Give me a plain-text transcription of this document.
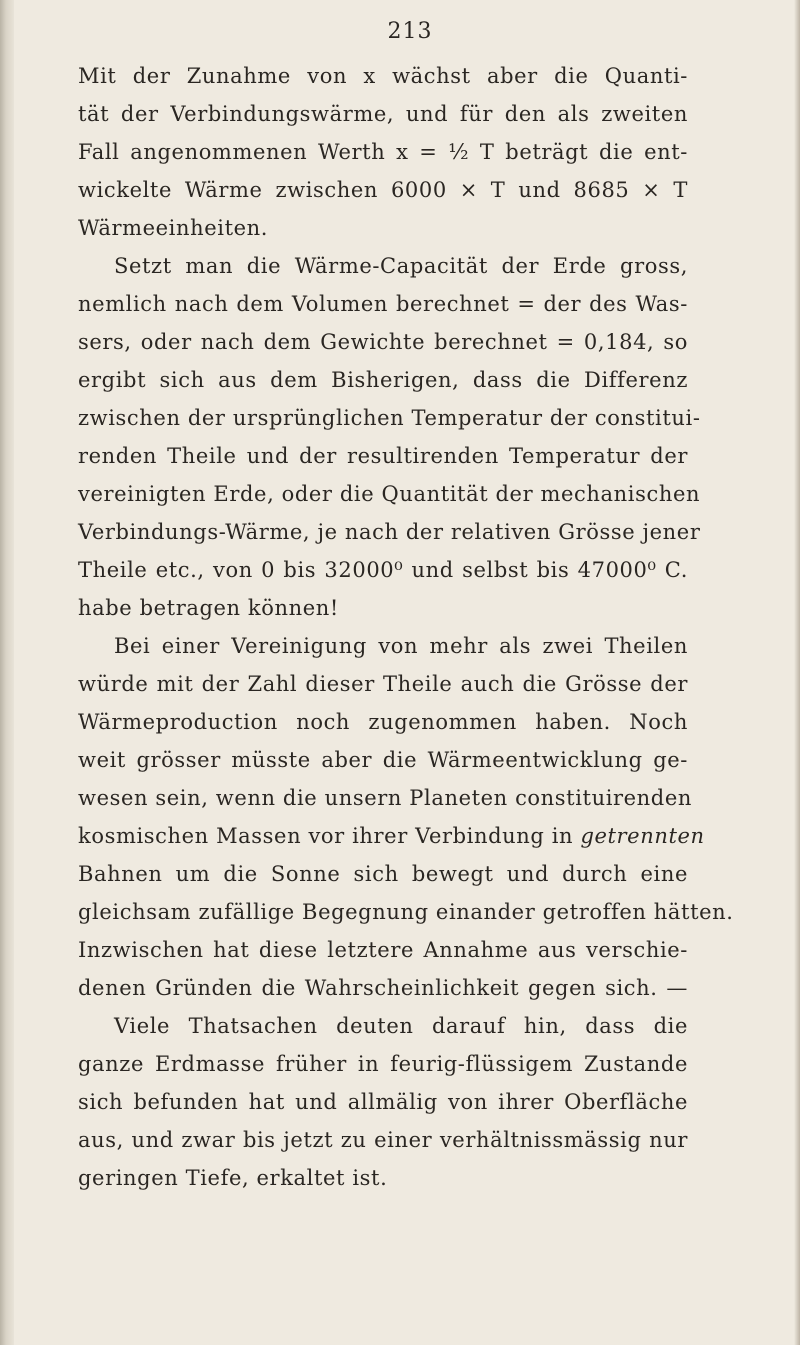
213
Mit der Zunahme von x wächst aber die Quanti-
tät der Verbindungswärme, und für den als zweiten
Fall angenommenen Werth x = ½ T beträgt die ent-
wickelte Wärme zwischen 6000 × T und 8685 × T
Wärmeeinheiten.
Setzt man die Wärme-Capacität der Erde gross,
nemlich nach dem Volumen berechnet = der des Was-
sers, oder nach dem Gewichte berechnet = 0,184, so
ergibt sich aus dem Bisherigen, dass die Differenz
zwischen der ursprünglichen Temperatur der constitui-
renden Theile und der resultirenden Temperatur der
vereinigten Erde, oder die Quantität der mechanischen
Verbindungs-Wärme, je nach der relativen Grösse jener
Theile etc., von 0 bis 32000⁰ und selbst bis 47000⁰ C.
habe betragen können!
Bei einer Vereinigung von mehr als zwei Theilen
würde mit der Zahl dieser Theile auch die Grösse der
Wärmeproduction noch zugenommen haben. Noch
weit grösser müsste aber die Wärmeentwicklung ge-
wesen sein, wenn die unsern Planeten constituirenden
kosmischen Massen vor ihrer Verbindung in getrennten
Bahnen um die Sonne sich bewegt und durch eine
gleichsam zufällige Begegnung einander getroffen hätten.
Inzwischen hat diese letztere Annahme aus verschie-
denen Gründen die Wahrscheinlichkeit gegen sich. —
Viele Thatsachen deuten darauf hin, dass die
ganze Erdmasse früher in feurig-flüssigem Zustande
sich befunden hat und allmälig von ihrer Oberfläche
aus, und zwar bis jetzt zu einer verhältnissmässig nur
geringen Tiefe, erkaltet ist.
